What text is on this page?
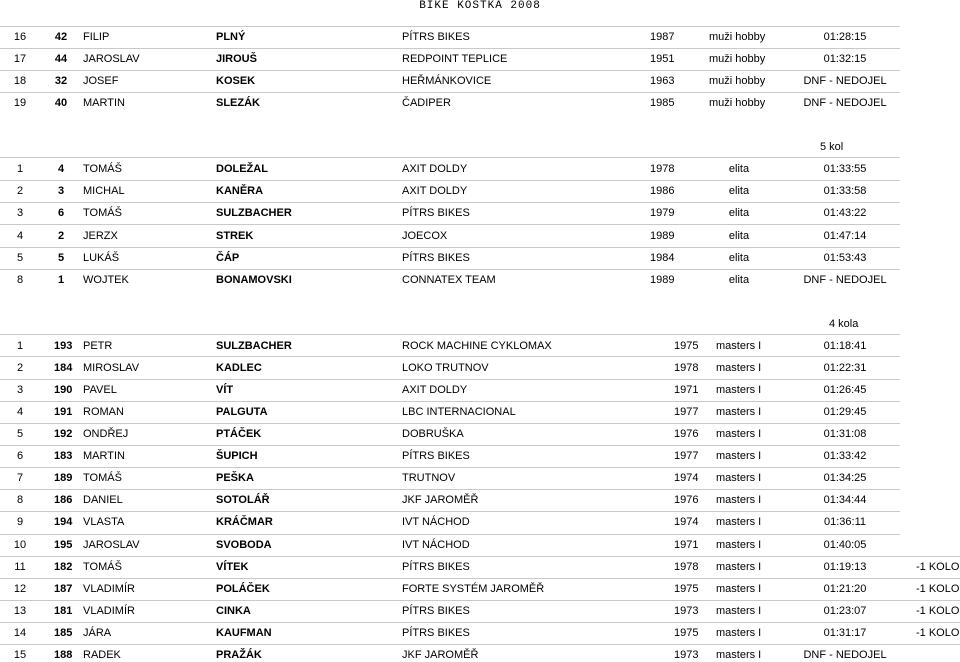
BIKE KOSTKA 2008
16	42	FILIP	PLNÝ	PÍTRS BIKES	1987	muži hobby	01:28:15
17	44	JAROSLAV	JIROUŠ	REDPOINT TEPLICE	1951	muži hobby	01:32:15
18	32	JOSEF	KOSEK	HEŘMÁNKOVICE	1963	muži hobby	DNF - NEDOJEL
19	40	MARTIN	SLEZÁK	ČADIPER	1985	muži hobby	DNF - NEDOJEL
5 kol
1	4	TOMÁŠ	DOLEŽAL	AXIT DOLDY	1978	elita	01:33:55
2	3	MICHAL	KANĚRA	AXIT DOLDY	1986	elita	01:33:58
3	6	TOMÁŠ	SULZBACHER	PÍTRS BIKES	1979	elita	01:43:22
4	2	JERZX	STREK	JOECOX	1989	elita	01:47:14
5	5	LUKÁŠ	ČÁP	PÍTRS BIKES	1984	elita	01:53:43
8	1	WOJTEK	BONAMOVSKI	CONNATEX TEAM	1989	elita	DNF - NEDOJEL
4 kola
1	193 PETR	SULZBACHER	ROCK MACHINE CYKLOMAX	1975 masters I	01:18:41
2	184 MIROSLAV	KADLEC	LOKO TRUTNOV	1978 masters I	01:22:31
3	190 PAVEL	VÍT	AXIT DOLDY	1971 masters I	01:26:45
4	191 ROMAN	PALGUTA	LBC INTERNACIONAL	1977 masters I	01:29:45
5	192 ONDŘEJ	PTÁČEK	DOBRUŠKA	1976 masters I	01:31:08
6	183 MARTIN	ŠUPICH	PÍTRS BIKES	1977 masters I	01:33:42
7	189 TOMÁŠ	PEŠKA	TRUTNOV	1974 masters I	01:34:25
8	186 DANIEL	SOTOLÁŘ	JKF JAROMĚŘ	1976 masters I	01:34:44
9	194 VLASTA	KRÁČMAR	IVT NÁCHOD	1974 masters I	01:36:11
10	195 JAROSLAV	SVOBODA	IVT NÁCHOD	1971 masters I	01:40:05
11	182 TOMÁŠ	VÍTEK	PÍTRS BIKES	1978 masters I	01:19:13	-1 KOLO
12	187 VLADIMÍR	POLÁČEK	FORTE SYSTÉM JAROMĚŘ	1975 masters I	01:21:20	-1 KOLO
13	181 VLADIMÍR	CINKA	PÍTRS BIKES	1973 masters I	01:23:07	-1 KOLO
14	185 JÁRA	KAUFMAN	PÍTRS BIKES	1975 masters I	01:31:17	-1 KOLO
15	188 RADEK	PRAŽÁK	JKF JAROMĚŘ	1973 masters I	DNF - NEDOJEL
